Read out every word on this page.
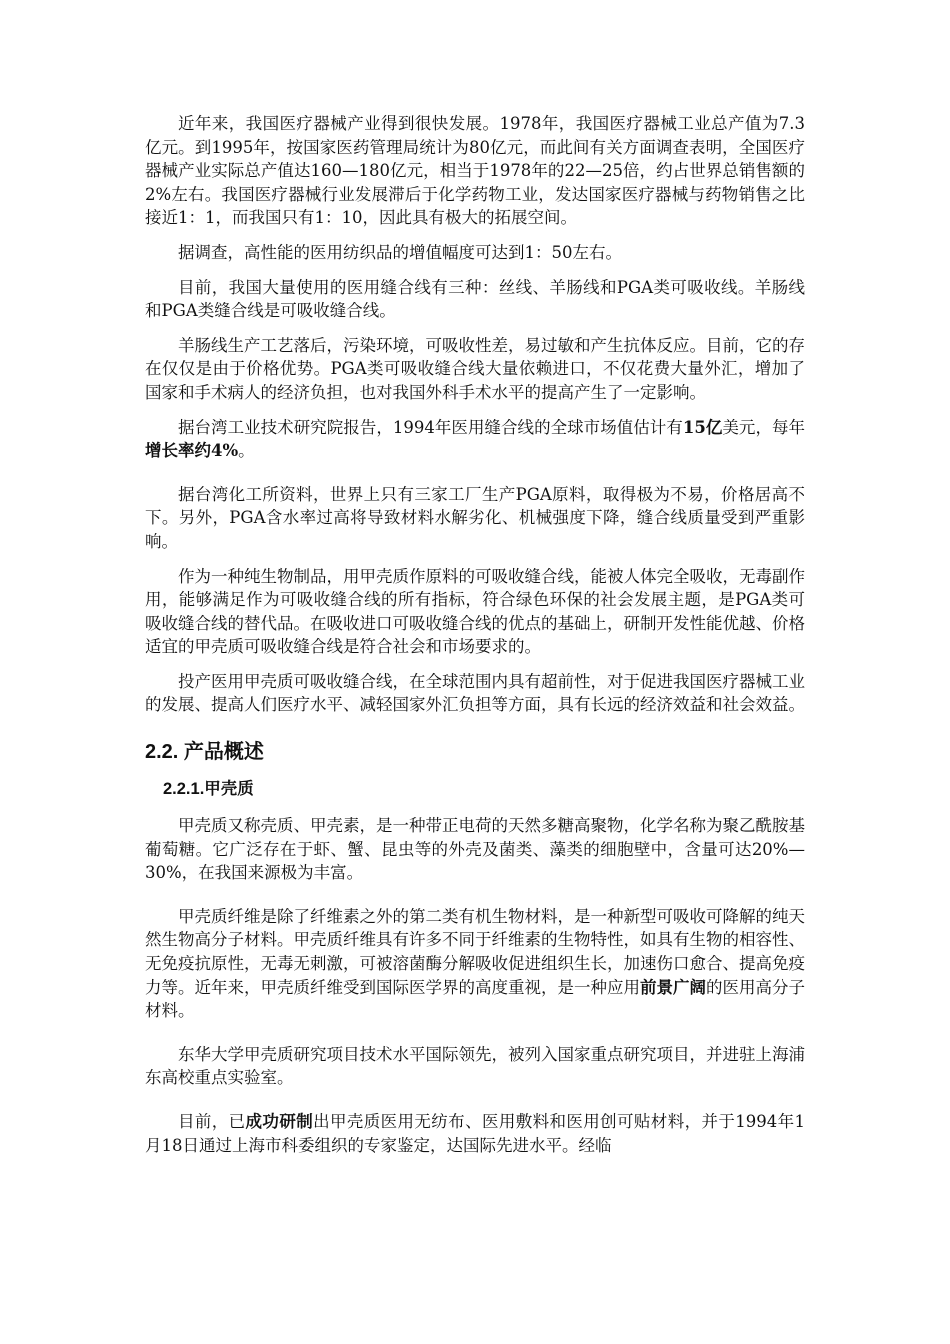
近年来，我国医疗器械产业得到很快发展。1978年，我国医疗器械工业总产值为7.3亿元。到1995年，按国家医药管理局统计为80亿元，而此间有关方面调查表明，全国医疗器械产业实际总产值达160—180亿元，相当于1978年的22—25倍，约占世界总销售额的2%左右。我国医疗器械行业发展滞后于化学药物工业，发达国家医疗器械与药物销售之比接近1：1，而我国只有1：10，因此具有极大的拓展空间。

据调查，高性能的医用纺织品的增值幅度可达到1：50左右。

目前，我国大量使用的医用缝合线有三种：丝线、羊肠线和PGA类可吸收线。羊肠线和PGA类缝合线是可吸收缝合线。

羊肠线生产工艺落后，污染环境，可吸收性差，易过敏和产生抗体反应。目前，它的存在仅仅是由于价格优势。PGA类可吸收缝合线大量依赖进口，不仅花费大量外汇，增加了国家和手术病人的经济负担，也对我国外科手术水平的提高产生了一定影响。

据台湾工业技术研究院报告，1994年医用缝合线的全球市场值估计有15亿美元，每年增长率约4%。

据台湾化工所资料，世界上只有三家工厂生产PGA原料，取得极为不易，价格居高不下。另外，PGA含水率过高将导致材料水解劣化、机械强度下降，缝合线质量受到严重影响。

作为一种纯生物制品，用甲壳质作原料的可吸收缝合线，能被人体完全吸收，无毒副作用，能够满足作为可吸收缝合线的所有指标，符合绿色环保的社会发展主题，是PGA类可吸收缝合线的替代品。在吸收进口可吸收缝合线的优点的基础上，研制开发性能优越、价格适宜的甲壳质可吸收缝合线是符合社会和市场要求的。

投产医用甲壳质可吸收缝合线，在全球范围内具有超前性，对于促进我国医疗器械工业的发展、提高人们医疗水平、减轻国家外汇负担等方面，具有长远的经济效益和社会效益。

2.2. 产品概述
2.2.1.甲壳质

甲壳质又称壳质、甲壳素，是一种带正电荷的天然多糖高聚物，化学名称为聚乙酰胺基葡萄糖。它广泛存在于虾、蟹、昆虫等的外壳及菌类、藻类的细胞壁中，含量可达20%—30%，在我国来源极为丰富。

甲壳质纤维是除了纤维素之外的第二类有机生物材料，是一种新型可吸收可降解的纯天然生物高分子材料。甲壳质纤维具有许多不同于纤维素的生物特性，如具有生物的相容性、无免疫抗原性，无毒无刺激，可被溶菌酶分解吸收促进组织生长，加速伤口愈合、提高免疫力等。近年来，甲壳质纤维受到国际医学界的高度重视，是一种应用前景广阔的医用高分子材料。

东华大学甲壳质研究项目技术水平国际领先，被列入国家重点研究项目，并进驻上海浦东高校重点实验室。

目前，已成功研制出甲壳质医用无纺布、医用敷料和医用创可贴材料，并于1994年1月18日通过上海市科委组织的专家鉴定，达国际先进水平。经临
